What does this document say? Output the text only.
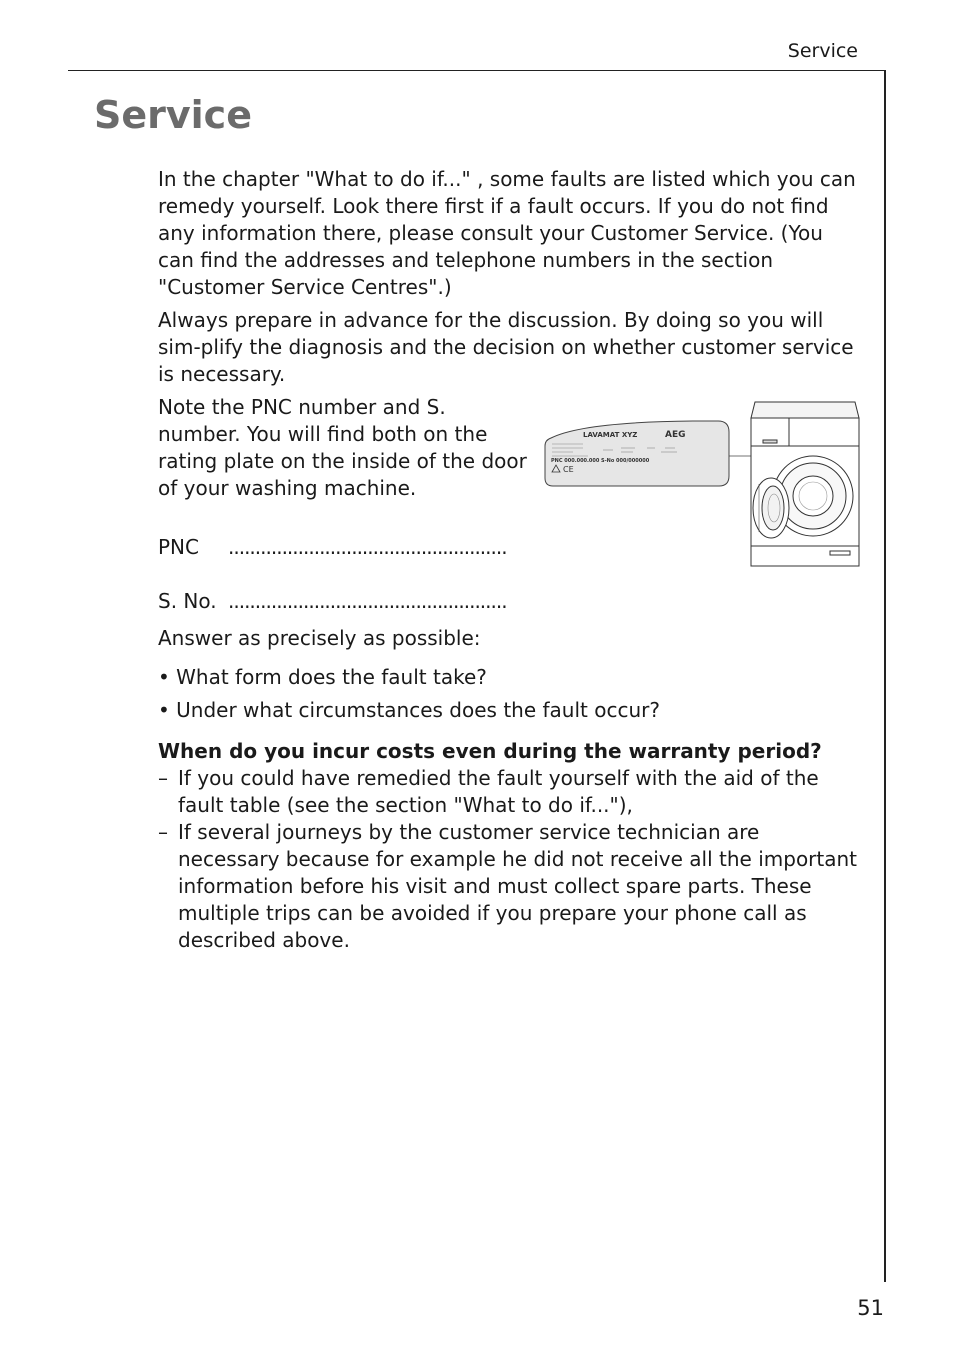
Service
Service

In the chapter "What to do if..." , some faults are listed which you can remedy yourself. Look there first if a fault occurs. If you do not find any information there, please consult your Customer Service. (You can find the addresses and telephone numbers in the section "Customer Service Centres".)

Always prepare in advance for the discussion. By doing so you will sim-plify the diagnosis and the decision on whether customer service is necessary.

Note the PNC number and S. number. You will find both on the rating plate on the inside of the door of your washing machine.

PNC	....................................................
S. No. ....................................................

Answer as precisely as possible:

• What form does the fault take?

• Under what circumstances does the fault occur?

When do you incur costs even during the warranty period?

– If you could have remedied the fault yourself with the aid of the fault table (see the section "What to do if..."),

– If several journeys by the customer service technician are necessary because for example he did not receive all the important information before his visit and must collect spare parts. These multiple trips can be avoided if you prepare your phone call as described above.

LAVAMAT XYZ	AEG
PNC 000.000.000 S-No 000/000000
CE
51
